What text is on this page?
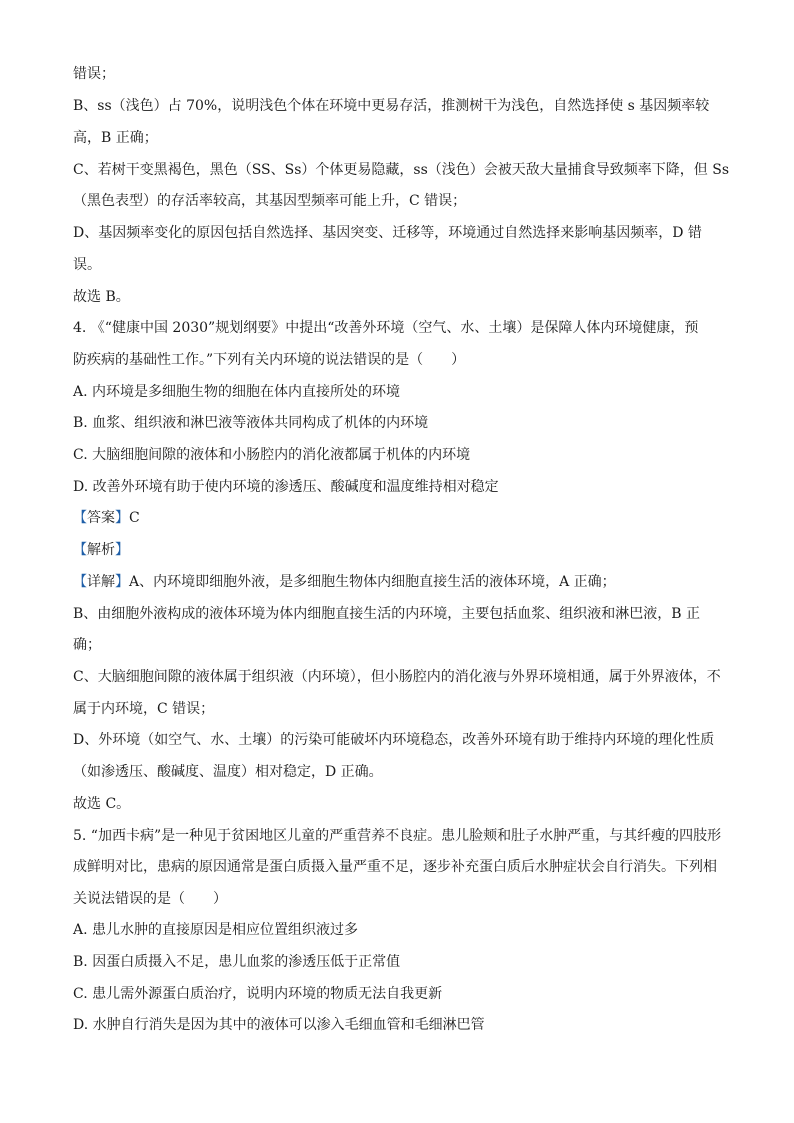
错误；
B、ss（浅色）占 70%，说明浅色个体在环境中更易存活，推测树干为浅色，自然选择使 s 基因频率较
高，B 正确；
C、若树干变黑褐色，黑色（SS、Ss）个体更易隐藏，ss（浅色）会被天敌大量捕食导致频率下降，但 Ss
（黑色表型）的存活率较高，其基因型频率可能上升，C 错误；
D、基因频率变化的原因包括自然选择、基因突变、迁移等，环境通过自然选择来影响基因频率，D 错
误。
故选 B。
4. 《“健康中国 2030”规划纲要》中提出“改善外环境（空气、水、土壤）是保障人体内环境健康，预
防疾病的基础性工作。”下列有关内环境的说法错误的是（　　）
A. 内环境是多细胞生物的细胞在体内直接所处的环境
B. 血浆、组织液和淋巴液等液体共同构成了机体的内环境
C. 大脑细胞间隙的液体和小肠腔内的消化液都属于机体的内环境
D. 改善外环境有助于使内环境的渗透压、酸碱度和温度维持相对稳定
【答案】C
【解析】
【详解】A、内环境即细胞外液，是多细胞生物体内细胞直接生活的液体环境，A 正确；
B、由细胞外液构成的液体环境为体内细胞直接生活的内环境，主要包括血浆、组织液和淋巴液，B 正
确；
C、大脑细胞间隙的液体属于组织液（内环境），但小肠腔内的消化液与外界环境相通，属于外界液体，不
属于内环境，C 错误；
D、外环境（如空气、水、土壤）的污染可能破坏内环境稳态，改善外环境有助于维持内环境的理化性质
（如渗透压、酸碱度、温度）相对稳定，D 正确。
故选 C。
5. “加西卡病”是一种见于贫困地区儿童的严重营养不良症。患儿脸颊和肚子水肿严重，与其纤瘦的四肢形
成鲜明对比，患病的原因通常是蛋白质摄入量严重不足，逐步补充蛋白质后水肿症状会自行消失。下列相
关说法错误的是（　　）
A. 患儿水肿的直接原因是相应位置组织液过多
B. 因蛋白质摄入不足，患儿血浆的渗透压低于正常值
C. 患儿需外源蛋白质治疗，说明内环境的物质无法自我更新
D. 水肿自行消失是因为其中的液体可以渗入毛细血管和毛细淋巴管
